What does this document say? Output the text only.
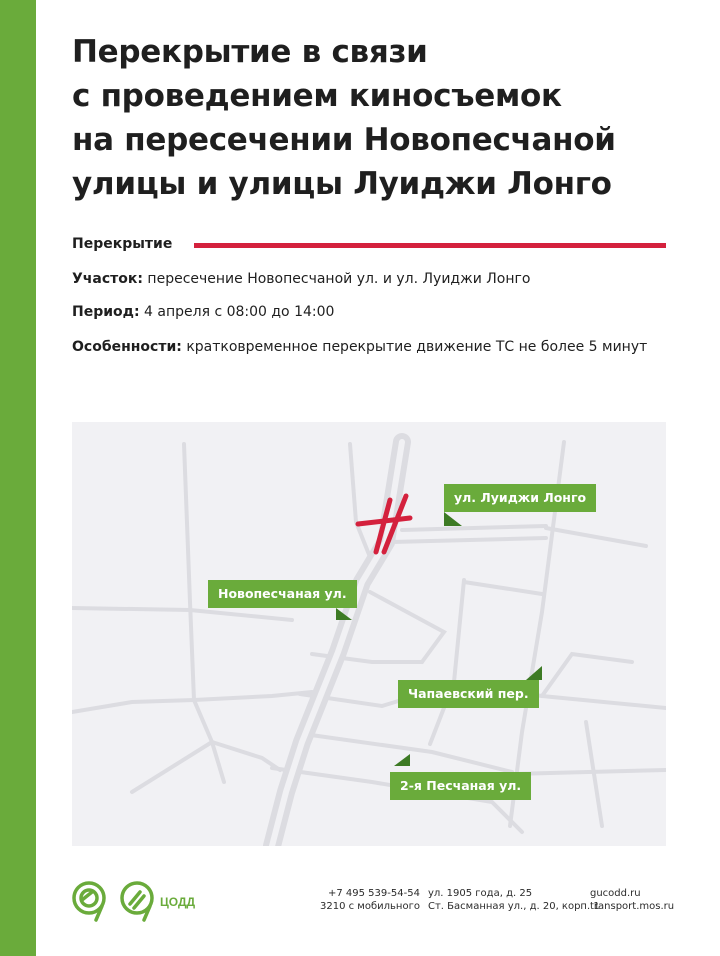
Перекрытие в связи
с проведением киносъемок
на пересечении Новопесчаной
улицы и улицы Луиджи Лонго
Перекрытие
Участок: пересечение Новопесчаной ул. и ул. Луиджи Лонго
Период: 4 апреля с 08:00 до 14:00
Особенности: кратковременное перекрытие движение ТС не более 5 минут
ул. Луиджи Лонго
Новопесчаная ул.
Чапаевский пер.
2-я Песчаная ул.
ЦОДД
+7 495 539-54-54
3210 с мобильного
ул. 1905 года, д. 25
Ст. Басманная ул., д. 20, корп. 1
gucodd.ru
transport.mos.ru
